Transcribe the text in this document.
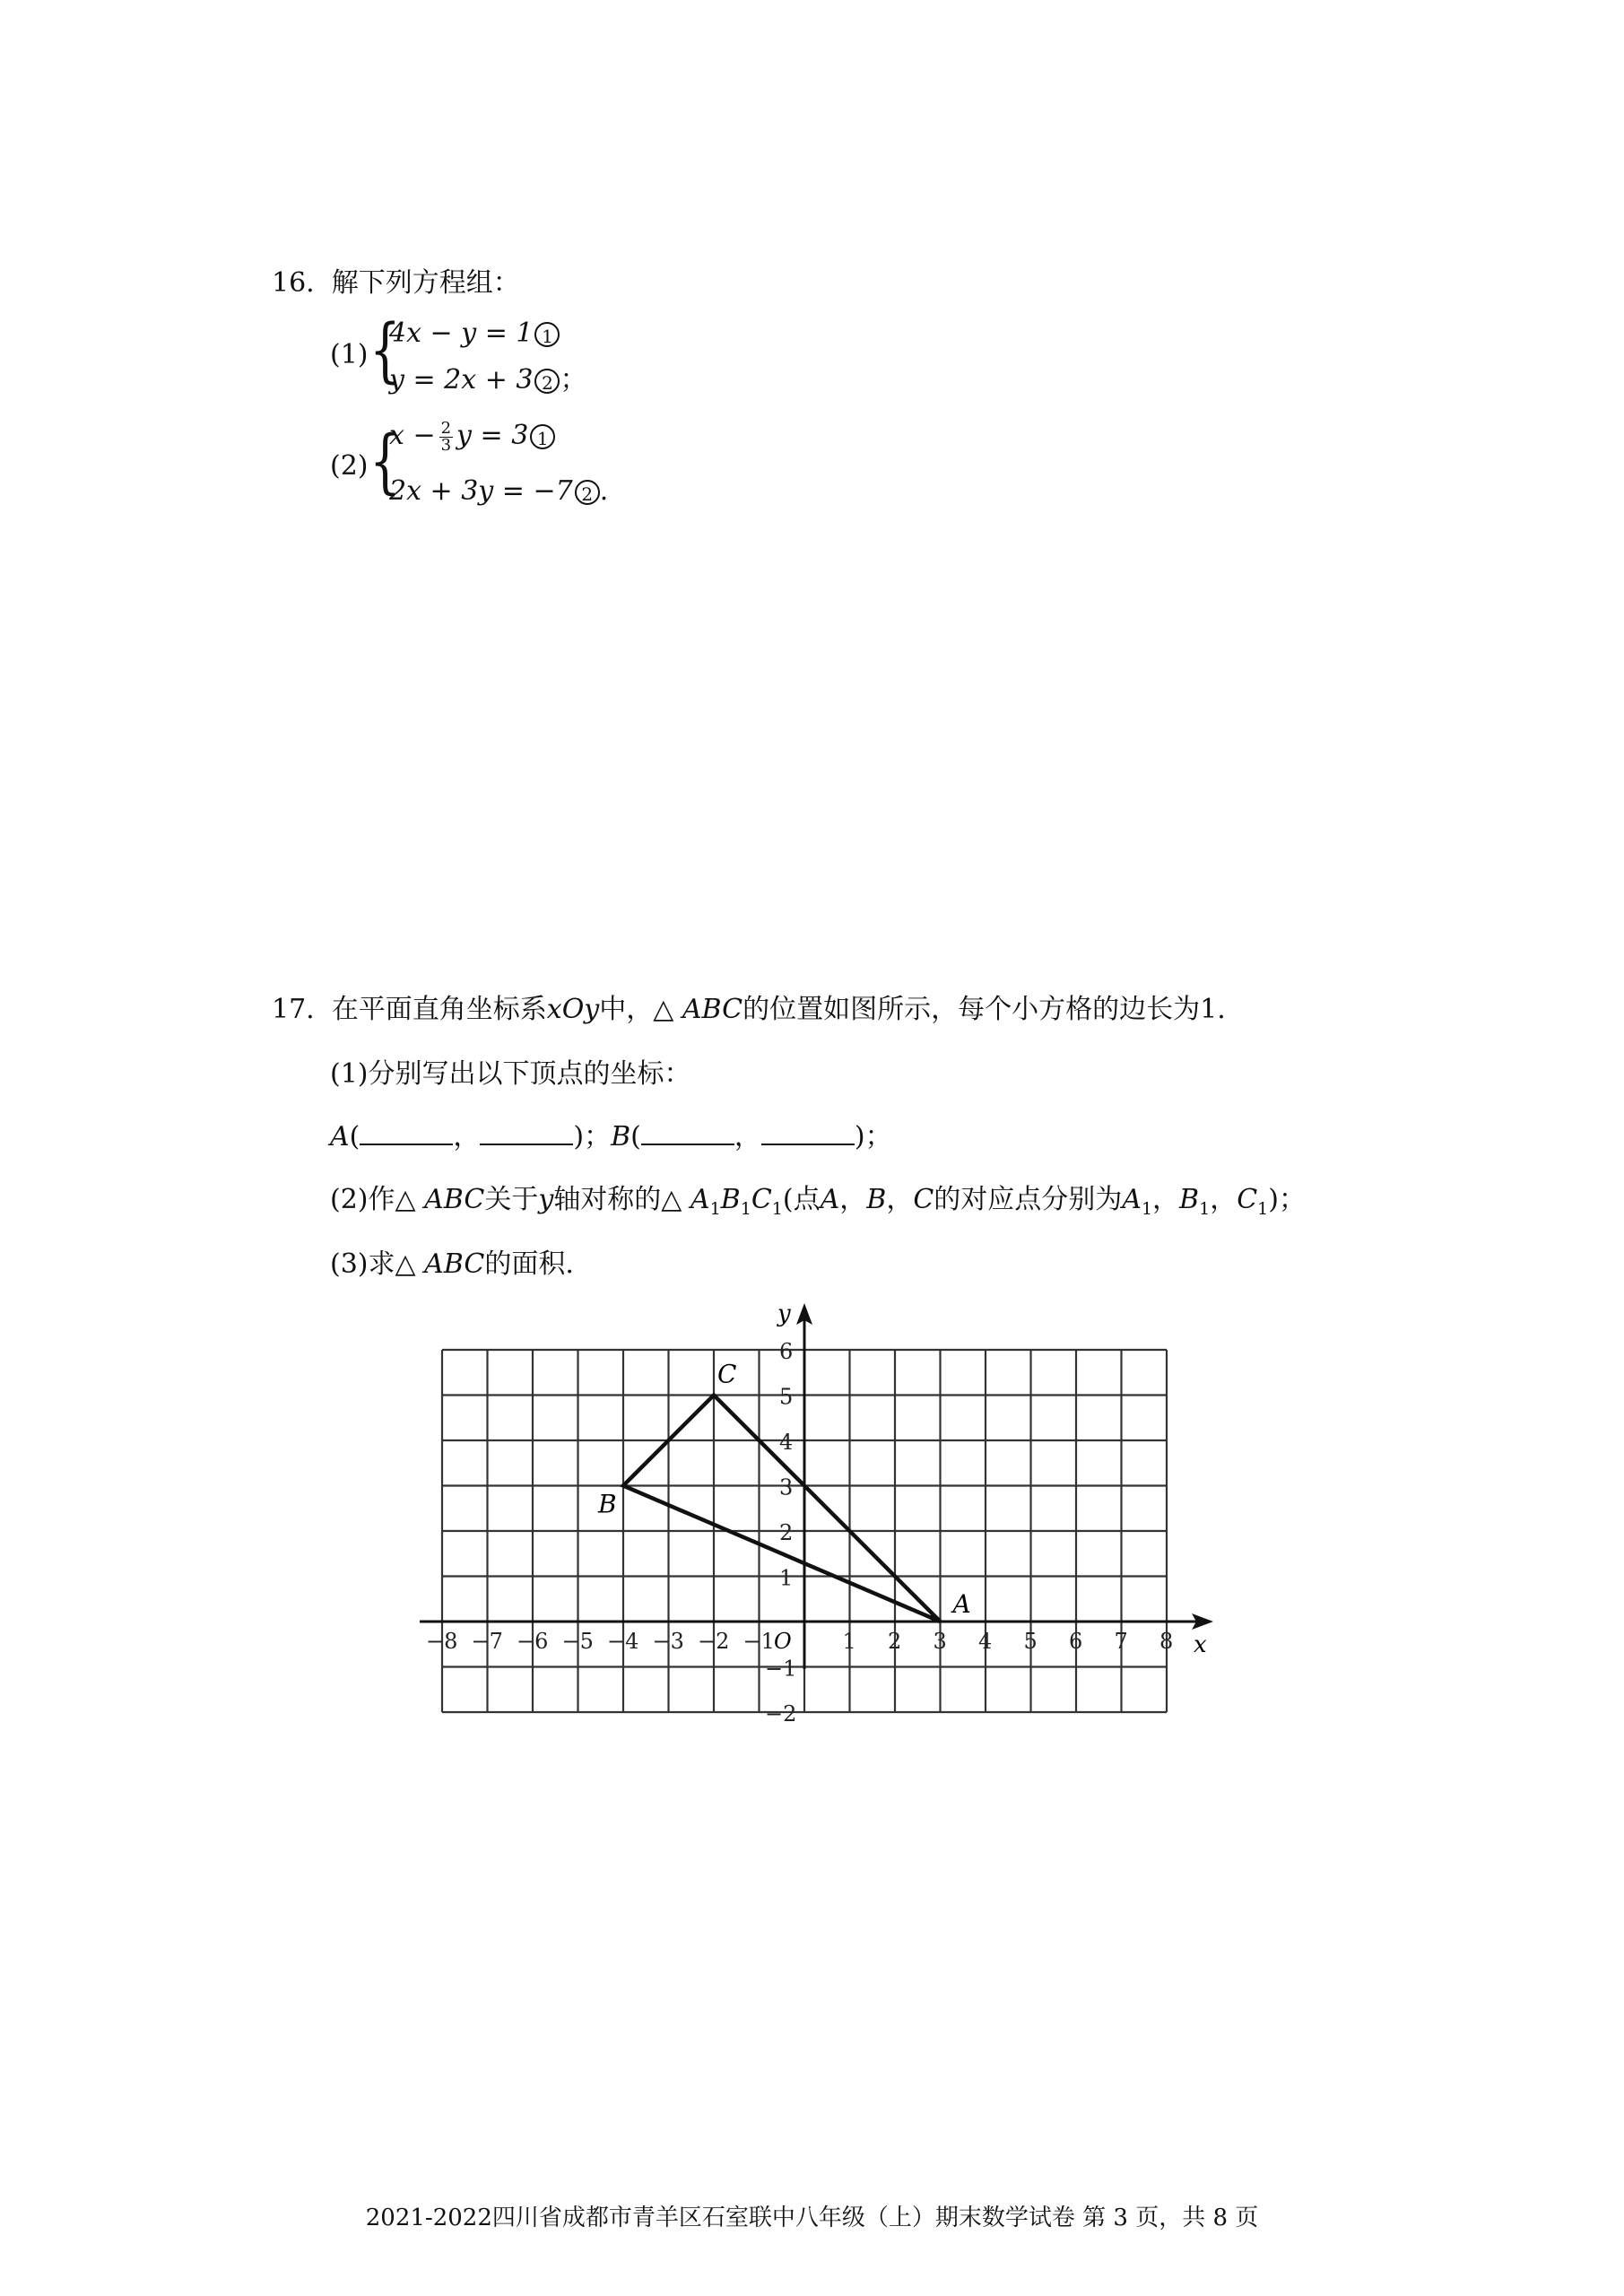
16. 解下列方程组：
(1) {
4x − y = 1 1
y = 2x + 3 2 ；
(2) {
$x - \frac{2}{3}$ y = 3 1
2x + 3y = −7 2 .
17. 在平面直角坐标系xOy中，△ ABC的位置如图所示，每个小方格的边长为1.
(1)分别写出以下顶点的坐标：
A(	，	)；B(	，	)；
(2)作△ ABC关于y轴对称的△ $A_1B_1C_1$(点A，B，C的对应点分别为$A_1$，$B_1$，$C_1$)；
(3)求△ ABC的面积.
x
y
−8 −7 −6 −5 −4 −3 −2 −1	1 2 3 4 5 6 7 8
−2
−1
1
2
3
4
5
6
O
A
B
C
2021-2022四川省成都市青羊区石室联中八年级（上）期末数学试卷 第 3 页，共 8 页
